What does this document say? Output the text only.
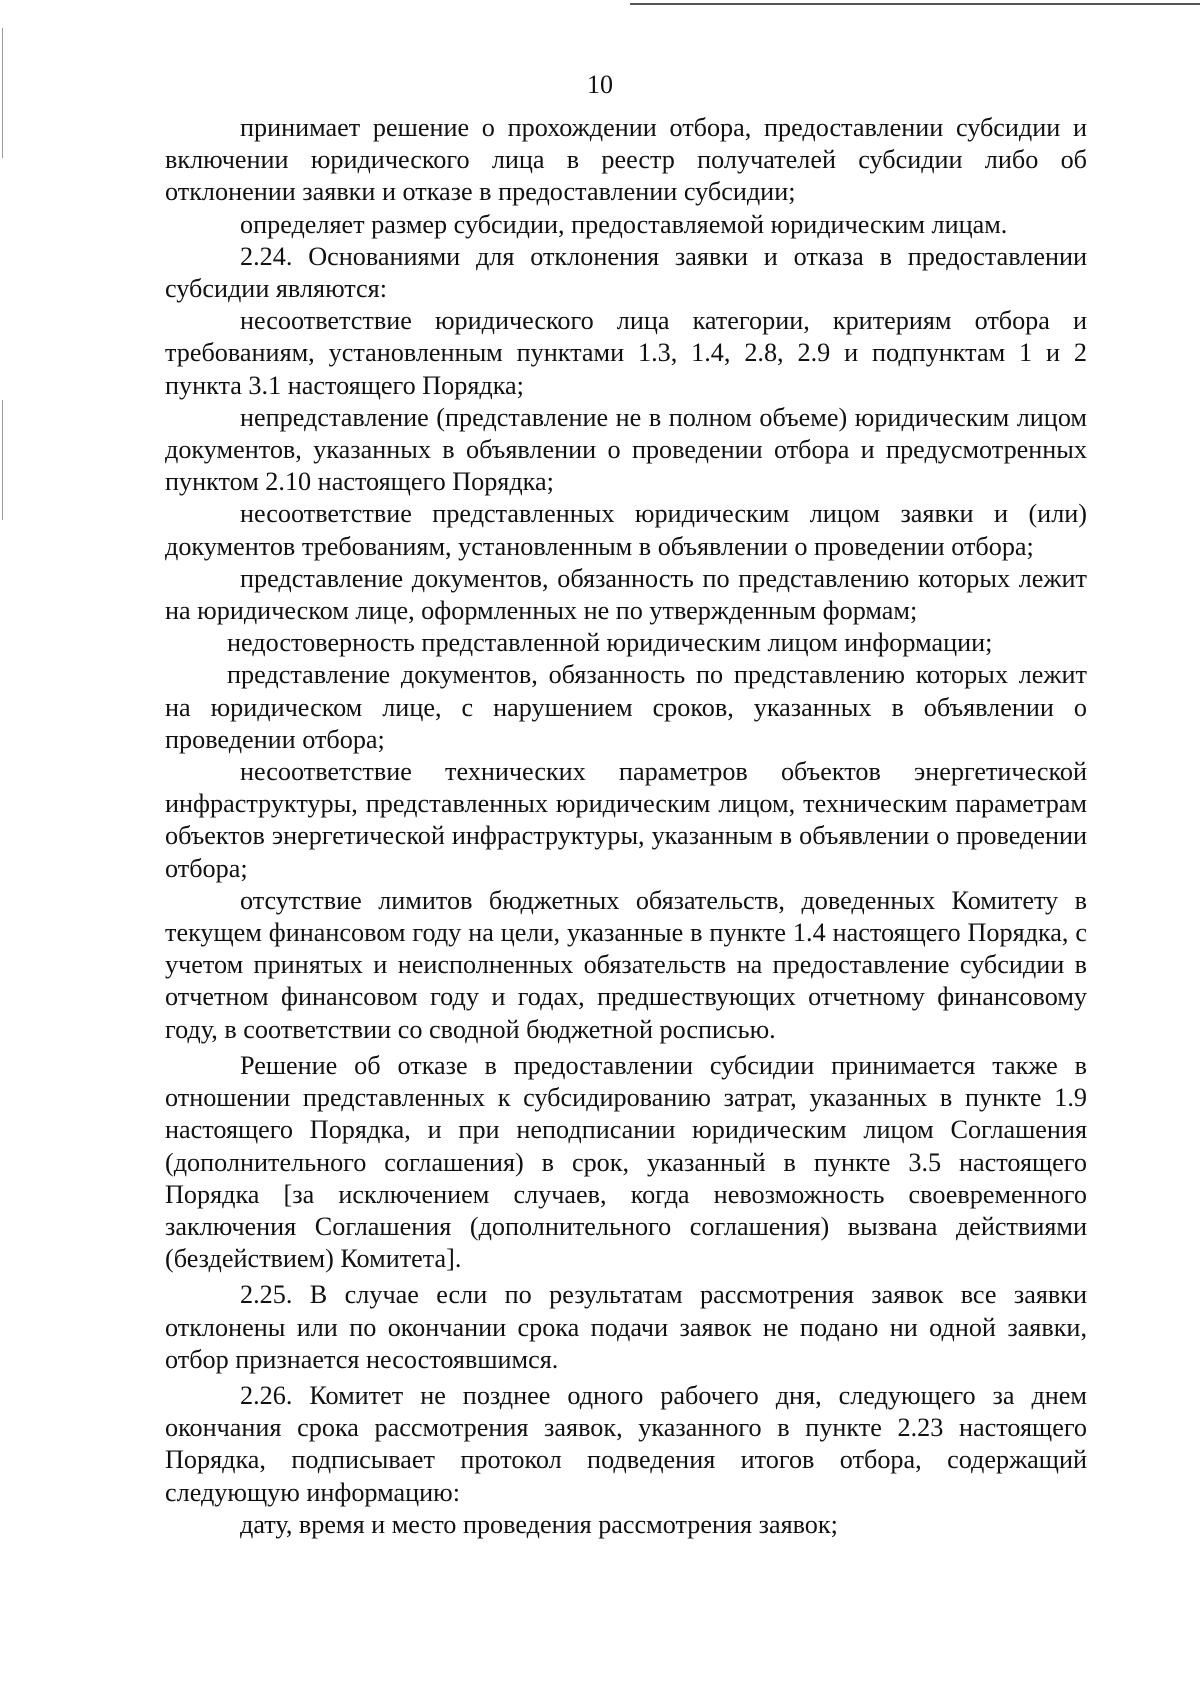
10

принимает решение о прохождении отбора, предоставлении субсидии и включении юридического лица в реестр получателей субсидии либо об отклонении заявки и отказе в предоставлении субсидии;

определяет размер субсидии, предоставляемой юридическим лицам.

2.24. Основаниями для отклонения заявки и отказа в предоставлении субсидии являются:

несоответствие юридического лица категории, критериям отбора и требованиям, установленным пунктами 1.3, 1.4, 2.8, 2.9 и подпунктам 1 и 2 пункта 3.1 настоящего Порядка;

непредставление (представление не в полном объеме) юридическим лицом документов, указанных в объявлении о проведении отбора и предусмотренных пунктом 2.10 настоящего Порядка;

несоответствие представленных юридическим лицом заявки и (или) документов требованиям, установленным в объявлении о проведении отбора;

представление документов, обязанность по представлению которых лежит на юридическом лице, оформленных не по утвержденным формам;

недостоверность представленной юридическим лицом информации;

представление документов, обязанность по представлению которых лежит на юридическом лице, с нарушением сроков, указанных в объявлении о проведении отбора;

несоответствие технических параметров объектов энергетической инфраструктуры, представленных юридическим лицом, техническим параметрам объектов энергетической инфраструктуры, указанным в объявлении о проведении отбора;

отсутствие лимитов бюджетных обязательств, доведенных Комитету в текущем финансовом году на цели, указанные в пункте 1.4 настоящего Порядка, с учетом принятых и неисполненных обязательств на предоставление субсидии в отчетном финансовом году и годах, предшествующих отчетному финансовому году, в соответствии со сводной бюджетной росписью.

Решение об отказе в предоставлении субсидии принимается также в отношении представленных к субсидированию затрат, указанных в пункте 1.9 настоящего Порядка, и при неподписании юридическим лицом Соглашения (дополнительного соглашения) в срок, указанный в пункте 3.5 настоящего Порядка [за исключением случаев, когда невозможность своевременного заключения Соглашения (дополнительного соглашения) вызвана действиями (бездействием) Комитета].

2.25. В случае если по результатам рассмотрения заявок все заявки отклонены или по окончании срока подачи заявок не подано ни одной заявки, отбор признается несостоявшимся.

2.26. Комитет не позднее одного рабочего дня, следующего за днем окончания срока рассмотрения заявок, указанного в пункте 2.23 настоящего Порядка, подписывает протокол подведения итогов отбора, содержащий следующую информацию:

дату, время и место проведения рассмотрения заявок;
